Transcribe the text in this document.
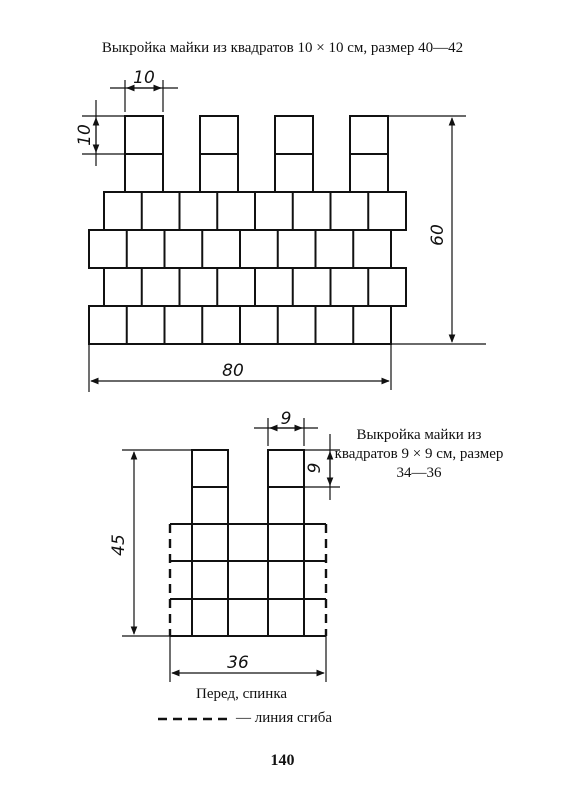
Выкройка майки из квадратов 10 × 10 см, размер 40—42
10
10
60
80
9
9
45
36
Выкройка майки из квадратов 9 × 9 см, размер 34—36
Перед, спинка
— линия сгиба
140
